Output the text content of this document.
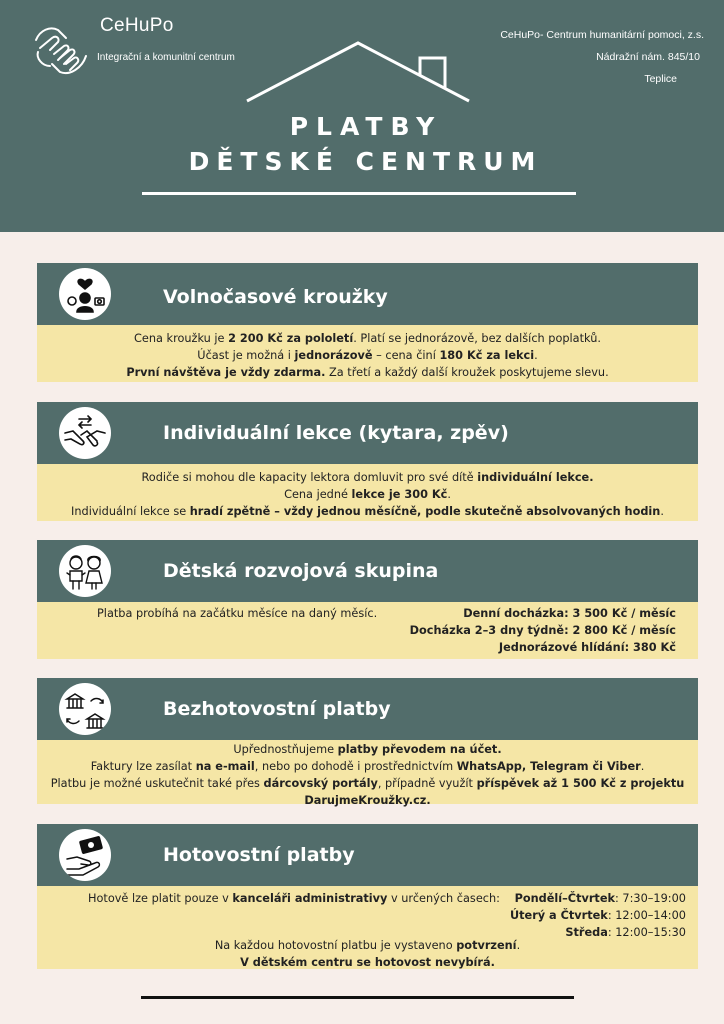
CeHuPo
Integrační a komunitní centrum
CeHuPo- Centrum humanitární pomoci, z.s.
Nádražní nám. 845/10
Teplice
PLATBY
DĚTSKÉ CENTRUM
Volnočasové kroužky
Cena kroužku je 2 200 Kč za pololetí. Platí se jednorázově, bez dalších poplatků.
Účast je možná i jednorázově – cena činí 180 Kč za lekci.
První návštěva je vždy zdarma. Za třetí a každý další kroužek poskytujeme slevu.
Individuální lekce (kytara, zpěv)
Rodiče si mohou dle kapacity lektora domluvit pro své dítě individuální lekce.
Cena jedné lekce je 300 Kč.
Individuální lekce se hradí zpětně – vždy jednou měsíčně, podle skutečně absolvovaných hodin.
Dětská rozvojová skupina
Platba probíhá na začátku měsíce na daný měsíc.	Denní docházka: 3 500 Kč / měsíc
Docházka 2–3 dny týdně: 2 800 Kč / měsíc
Jednorázové hlídání: 380 Kč
Bezhotovostní platby
Upřednostňujeme platby převodem na účet.
Faktury lze zasílat na e-mail, nebo po dohodě i prostřednictvím WhatsApp, Telegram či Viber.
Platbu je možné uskutečnit také přes dárcovský portály, případně využít příspěvek až 1 500 Kč z projektu
DarujmeKroužky.cz.
Hotovostní platby
Hotově lze platit pouze v kanceláři administrativy v určených časech:	Pondělí–Čtvrtek: 7:30–19:00
Úterý a Čtvrtek: 12:00–14:00
Středa: 12:00–15:30
Na každou hotovostní platbu je vystaveno potvrzení.
V dětském centru se hotovost nevybírá.
